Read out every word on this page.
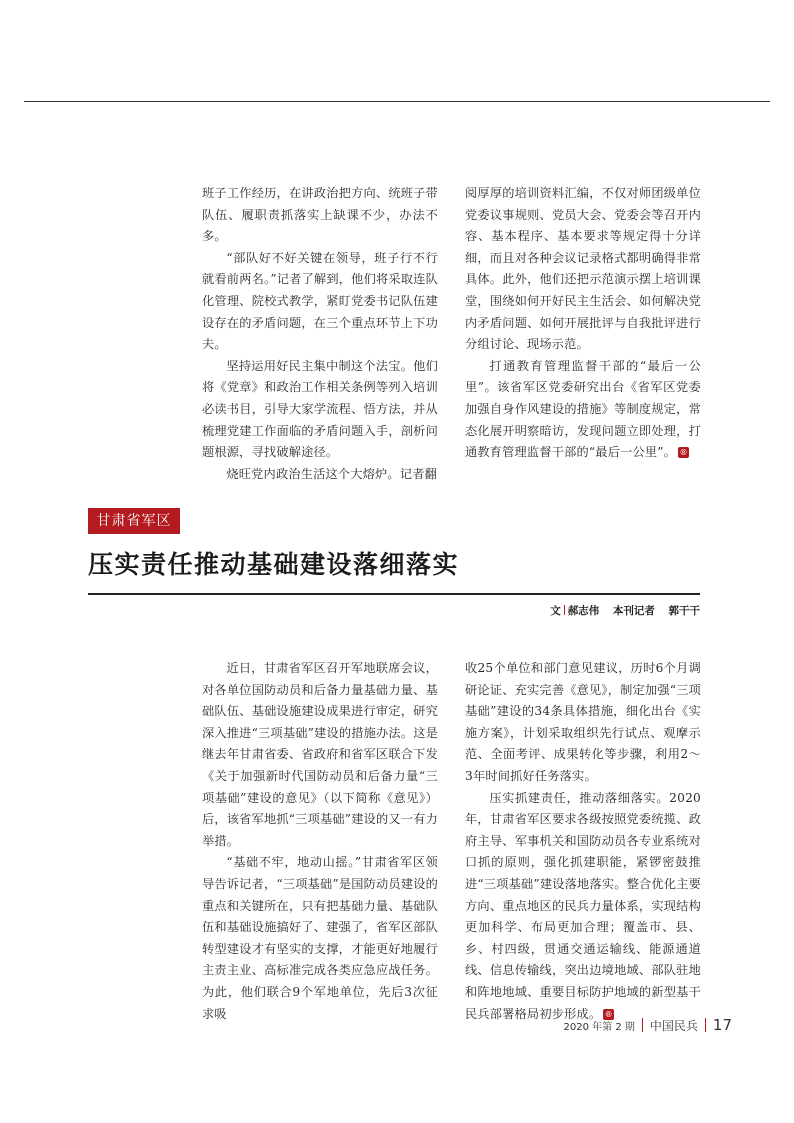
班子工作经历，在讲政治把方向、统班子带队伍、履职责抓落实上缺课不少，办法不多。

“部队好不好关键在领导，班子行不行就看前两名。”记者了解到，他们将采取连队化管理、院校式教学，紧盯党委书记队伍建设存在的矛盾问题，在三个重点环节上下功夫。

坚持运用好民主集中制这个法宝。他们将《党章》和政治工作相关条例等列入培训必读书目，引导大家学流程、悟方法，并从梳理党建工作面临的矛盾问题入手，剖析问题根源，寻找破解途径。

烧旺党内政治生活这个大熔炉。记者翻

阅厚厚的培训资料汇编，不仅对师团级单位党委议事规则、党员大会、党委会等召开内容、基本程序、基本要求等规定得十分详细，而且对各种会议记录格式都明确得非常具体。此外，他们还把示范演示摆上培训课堂，围绕如何开好民主生活会、如何解决党内矛盾问题、如何开展批评与自我批评进行分组讨论、现场示范。

打通教育管理监督干部的“最后一公里”。该省军区党委研究出台《省军区党委加强自身作风建设的措施》等制度规定，常态化展开明察暗访，发现问题立即处理，打通教育管理监督干部的“最后一公里”。 ®

甘肃省军区
压实责任推动基础建设落细落实
文 郝志伟 本刊记者 郭干干

近日，甘肃省军区召开军地联席会议，对各单位国防动员和后备力量基础力量、基础队伍、基础设施建设成果进行审定，研究深入推进“三项基础”建设的措施办法。这是继去年甘肃省委、省政府和省军区联合下发《关于加强新时代国防动员和后备力量“三项基础”建设的意见》（以下简称《意见》）后，该省军地抓“三项基础”建设的又一有力举措。

“基础不牢，地动山摇。”甘肃省军区领导告诉记者，“三项基础”是国防动员建设的重点和关键所在，只有把基础力量、基础队伍和基础设施搞好了、建强了，省军区部队转型建设才有坚实的支撑，才能更好地履行主责主业、高标准完成各类应急应战任务。为此，他们联合9个军地单位，先后3次征求吸

收25个单位和部门意见建议，历时6个月调研论证、充实完善《意见》，制定加强“三项基础”建设的34条具体措施，细化出台《实施方案》，计划采取组织先行试点、观摩示范、全面考评、成果转化等步骤，利用2～3年时间抓好任务落实。

压实抓建责任，推动落细落实。2020年，甘肃省军区要求各级按照党委统揽、政府主导、军事机关和国防动员各专业系统对口抓的原则，强化抓建职能，紧锣密鼓推进“三项基础”建设落地落实。整合优化主要方向、重点地区的民兵力量体系，实现结构更加科学、布局更加合理；覆盖市、县、乡、村四级，贯通交通运输线、能源通道线、信息传输线，突出边境地域、部队驻地和阵地地域、重要目标防护地域的新型基干民兵部署格局初步形成。 ®

2020 年第 2 期 中国民兵 17
